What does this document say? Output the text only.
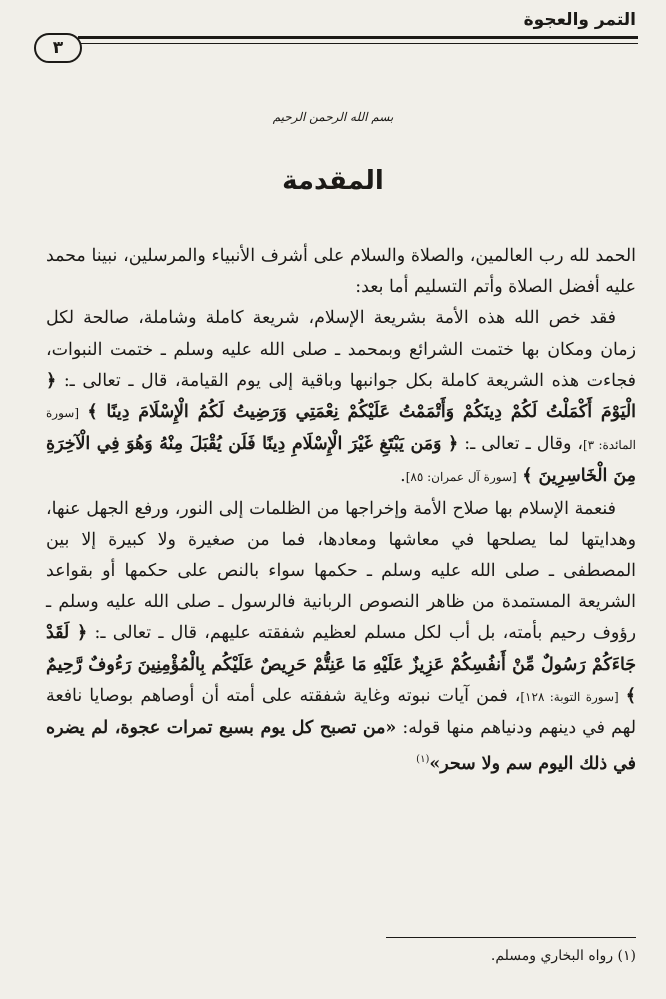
التمر والعجوة
٣
بسم الله الرحمن الرحيم
المقدمة

الحمد لله رب العالمين، والصلاة والسلام على أشرف الأنبياء والمرسلين، نبينا محمد عليه أفضل الصلاة وأتم التسليم أما بعد:

فقد خص الله هذه الأمة بشريعة الإسلام، شريعة كاملة وشاملة، صالحة لكل زمان ومكان بها ختمت الشرائع وبمحمد ـ صلى الله عليه وسلم ـ ختمت النبوات، فجاءت هذه الشريعة كاملة بكل جوانبها وباقية إلى يوم القيامة، قال ـ تعالى ـ: ﴿ الْيَوْمَ أَكْمَلْتُ لَكُمْ دِينَكُمْ وَأَتْمَمْتُ عَلَيْكُمْ نِعْمَتِي وَرَضِيتُ لَكُمُ الْإِسْلَامَ دِينًا ﴾ [سورة المائدة: ٣]، وقال ـ تعالى ـ: ﴿ وَمَن يَبْتَغِ غَيْرَ الْإِسْلَامِ دِينًا فَلَن يُقْبَلَ مِنْهُ وَهُوَ فِي الْآخِرَةِ مِنَ الْخَاسِرِينَ ﴾ [سورة آل عمران: ٨٥].

فنعمة الإسلام بها صلاح الأمة وإخراجها من الظلمات إلى النور، ورفع الجهل عنها، وهدايتها لما يصلحها في معاشها ومعادها، فما من صغيرة ولا كبيرة إلا بين المصطفى ـ صلى الله عليه وسلم ـ حكمها سواء بالنص على حكمها أو بقواعد الشريعة المستمدة من ظاهر النصوص الربانية فالرسول ـ صلى الله عليه وسلم ـ رؤوف رحيم بأمته، بل أب لكل مسلم لعظيم شفقته عليهم، قال ـ تعالى ـ: ﴿ لَقَدْ جَاءَكُمْ رَسُولٌ مِّنْ أَنفُسِكُمْ عَزِيزٌ عَلَيْهِ مَا عَنِتُّمْ حَرِيصٌ عَلَيْكُم بِالْمُؤْمِنِينَ رَءُوفٌ رَّحِيمٌ ﴾ [سورة التوبة: ١٢٨]، فمن آيات نبوته وغاية شفقته على أمته أن أوصاهم بوصايا نافعة لهم في دينهم ودنياهم منها قوله: «من تصبح كل يوم بسبع تمرات عجوة، لم يضره في ذلك اليوم سم ولا سحر»$^{(١)}$

(١) رواه البخاري ومسلم.
